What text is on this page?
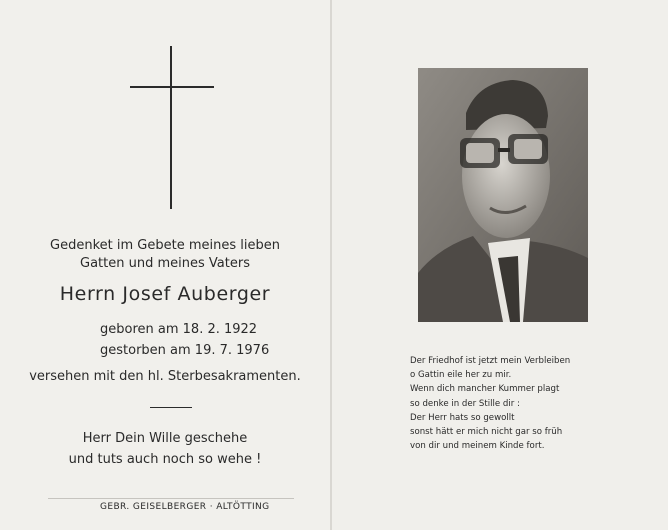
Gedenket im Gebete meines lieben
Gatten und meines Vaters
Herrn Josef Auberger
geboren am 18. 2. 1922
gestorben am 19. 7. 1976
versehen mit den hl. Sterbesakramenten.
Herr Dein Wille geschehe
und tuts auch noch so wehe !
GEBR. GEISELBERGER · ALTÖTTING
Der Friedhof ist jetzt mein Verbleiben
o Gattin eile her zu mir.
Wenn dich mancher Kummer plagt
so denke in der Stille dir :
Der Herr hats so gewollt
sonst hätt er mich nicht gar so früh
von dir und meinem Kinde fort.
